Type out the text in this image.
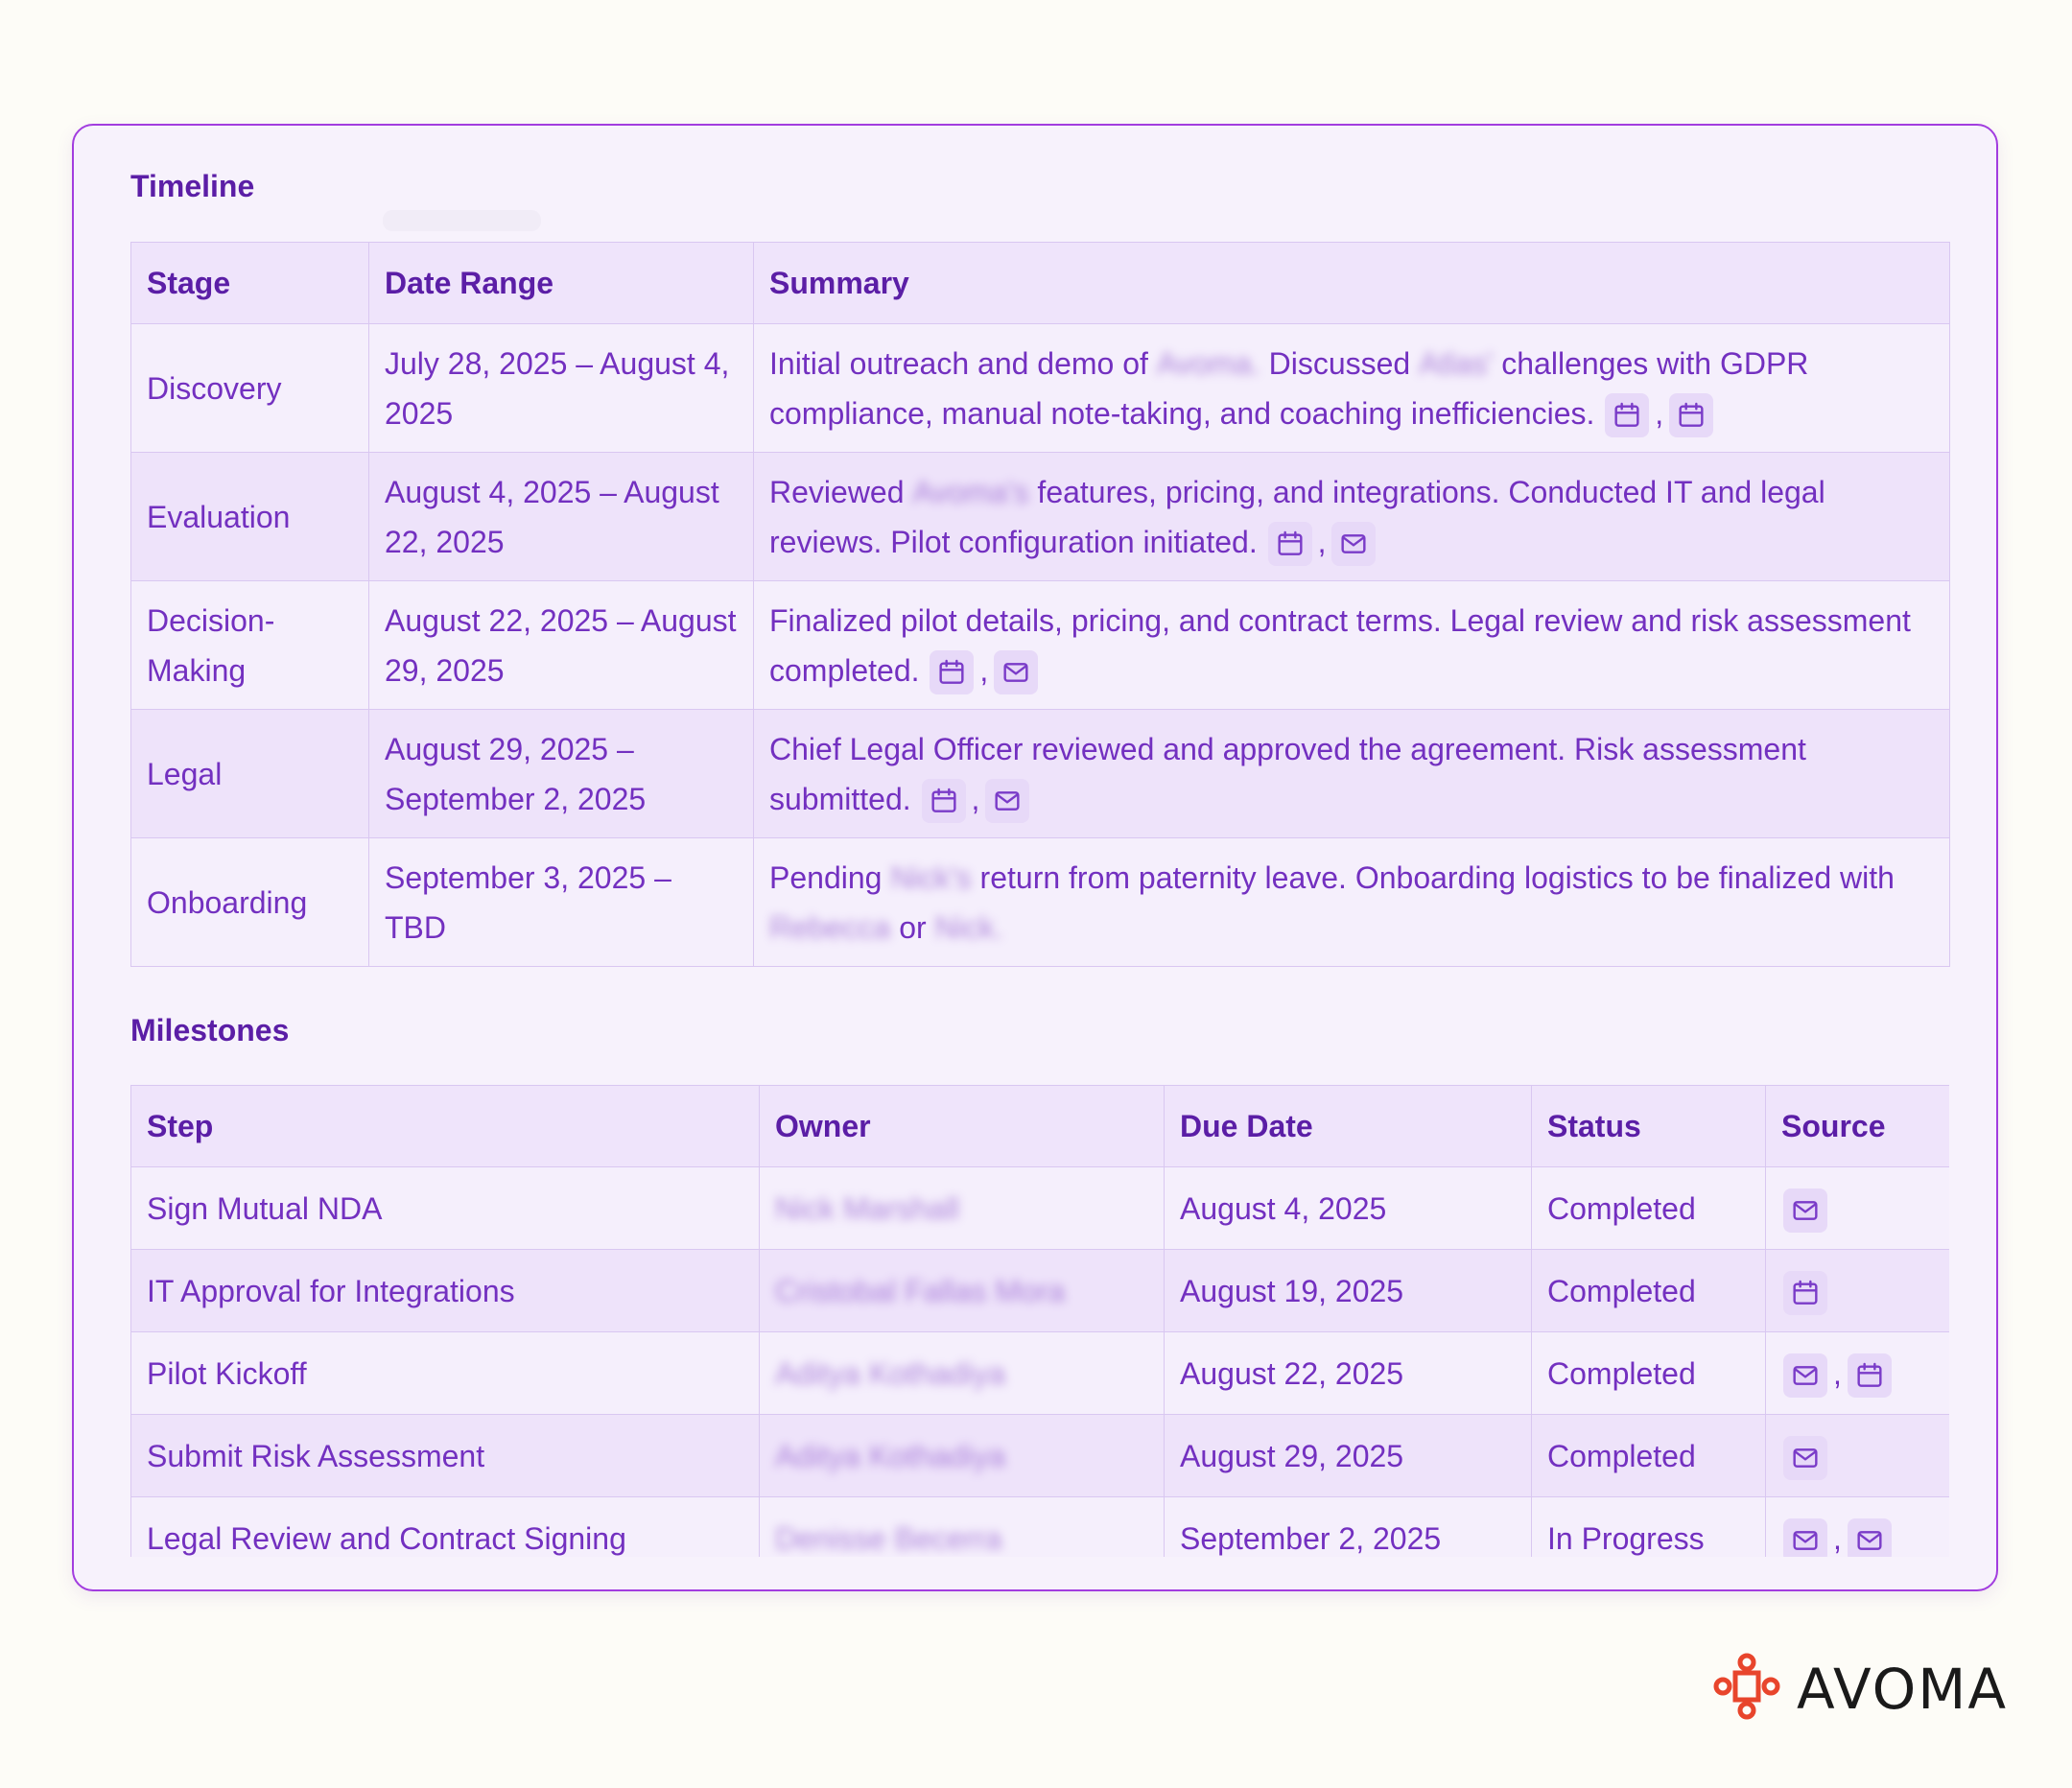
Timeline
Stage	Date Range	Summary
Discovery	July 28, 2025 – August 4, 2025	Initial outreach and demo of Avoma. Discussed Atlas' challenges with GDPR compliance, manual note-taking, and coaching inefficiencies.
,

Evaluation	August 4, 2025 – August 22, 2025	Reviewed Avoma's features, pricing, and integrations. Conducted IT and legal reviews. Pilot configuration initiated.
,

Decision-Making	August 22, 2025 – August 29, 2025	Finalized pilot details, pricing, and contract terms. Legal review and risk assessment completed.
,

Legal	August 29, 2025 – September 2, 2025	Chief Legal Officer reviewed and approved the agreement. Risk assessment submitted.
,

Onboarding	September 3, 2025 – TBD	Pending Nick's return from paternity leave. Onboarding logistics to be finalized with Rebecca or Nick.
Milestones
Step	Owner	Due Date	Status	Source
Sign Mutual NDA	Nick Marshall	August 4, 2025	Completed	

IT Approval for Integrations	Cristobal Fallas Mora	August 19, 2025	Completed	

Pilot Kickoff	Aditya Kothadiya	August 22, 2025	Completed	,

Submit Risk Assessment	Aditya Kothadiya	August 29, 2025	Completed	

Legal Review and Contract Signing	Denisse Becerra	September 2, 2025	In Progress	,
AVOMA
